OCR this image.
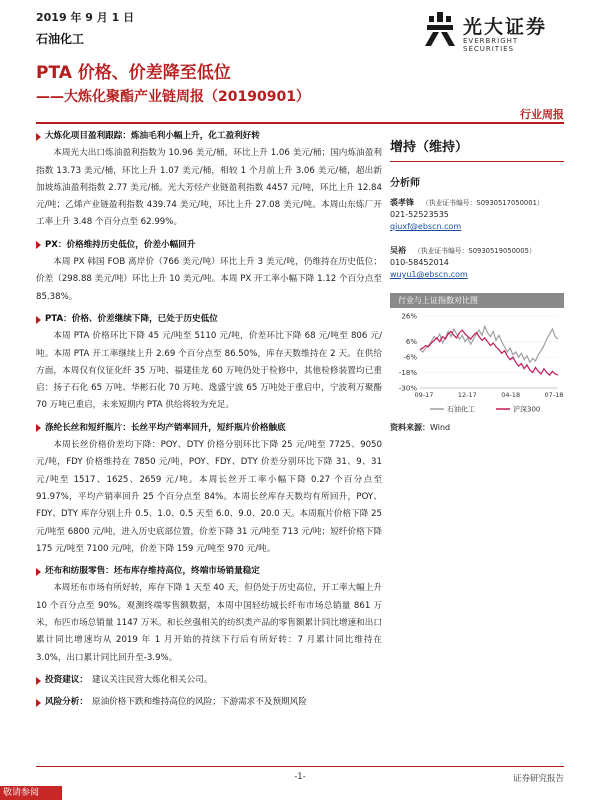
2019 年 9 月 1 日
石油化工
光大证券
EVERBRIGHT SECURITIES
PTA 价格、价差降至低位
——大炼化聚酯产业链周报（20190901）
行业周报
大炼化项目盈利跟踪：炼油毛利小幅上升，化工盈利好转

本周光大出口炼油盈利指数为 10.96 美元/桶，环比上升 1.06 美元/桶；国内炼油盈利指数 13.73 美元/桶，环比上升 1.07 美元/桶，相较 1 个月前上升 3.06 美元/桶，超出新加坡炼油盈利指数 2.77 美元/桶。光大芳烃产业链盈利指数 4457 元/吨，环比上升 12.84 元/吨；乙烯产业链盈利指数 439.74 美元/吨，环比上升 27.08 美元/吨。本周山东炼厂开工率上升 3.48 个百分点至 62.99%。

PX：价格维持历史低位，价差小幅回升

本周 PX 韩国 FOB 离岸价（766 美元/吨）环比上升 3 美元/吨，仍维持在历史低位；价差（298.88 美元/吨）环比上升 10 美元/吨。本周 PX 开工率小幅下降 1.12 个百分点至 85.38%。

PTA：价格、价差继续下降，已处于历史低位

本周 PTA 价格环比下降 45 元/吨至 5110 元/吨，价差环比下降 68 元/吨至 806 元/吨。本周 PTA 开工率继续上升 2.69 个百分点至 86.50%，库存天数维持在 2 天。在供给方面，本周仅有仪征化纤 35 万吨、福建佳龙 60 万吨仍处于检修中，其他检修装置均已重启：扬子石化 65 万吨、华彬石化 70 万吨、逸盛宁波 65 万吨处于重启中，宁波利万聚酯 70 万吨已重启，未来短期内 PTA 供给将较为充足。

涤纶长丝和短纤瓶片：长丝平均产销率回升，短纤瓶片价格触底

本周长丝价格价差均下降：POY、DTY 价格分别环比下降 25 元/吨至 7725、9050 元/吨，FDY 价格维持在 7850 元/吨，POY、FDY、DTY 价差分别环比下降 31、9、31 元/吨至 1517、1625、2659 元/吨。本周长丝开工率小幅下降 0.27 个百分点至 91.97%，平均产销率回升 25 个百分点至 84%。本周长丝库存天数均有所回升，POY、FDY、DTY 库存分别上升 0.5、1.0、0.5 天至 6.0、9.0、20.0 天。本周瓶片价格下降 25 元/吨至 6800 元/吨，进入历史底部位置，价差下降 31 元/吨至 713 元/吨；短纤价格下降 175 元/吨至 7100 元/吨，价差下降 159 元/吨至 970 元/吨。

坯布和纺服零售：坯布库存维持高位，终端市场销量稳定

本周坯布市场有所好转，库存下降 1 天至 40 天，但仍处于历史高位，开工率大幅上升 10 个百分点至 90%。观测终端零售额数据，本周中国轻纺城长纤布市场总销量 861 万米，布匹市场总销量 1147 万米。和长丝强相关的纺织类产品的零售额累计同比增速和出口累计同比增速均从 2019 年 1 月开始的持续下行后有所好转：7 月累计同比维持在 3.0%，出口累计同比回升至-3.9%。

投资建议： 建议关注民营大炼化相关公司。
风险分析： 原油价格下跌和维持高位的风险；下游需求不及预期风险
增持（维持）
分析师
裘孝锋 （执业证书编号：S0930517050001）
021-52523535
qiuxf@ebscn.com
吴裕 （执业证书编号：S0930519050005）
010-58452014
wuyu1@ebscn.com
行业与上证指数对比图
26%
6%
-6%
-18%
-30%
09-17	12-17	04-18	07-18
石油化工	沪深300
资料来源：Wind
-1-	证券研究报告
敬请参阅
